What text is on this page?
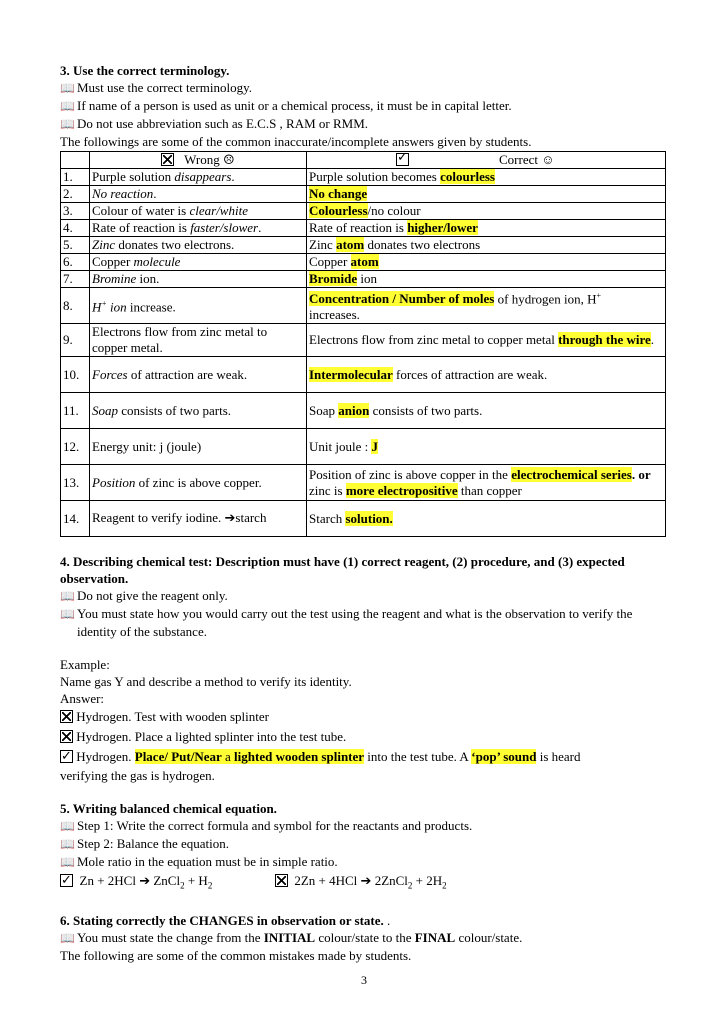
3. Use the correct terminology.
📖 Must use the correct terminology.
📖 If name of a person is used as unit or a chemical process, it must be in capital letter.
📖 Do not use abbreviation such as E.C.S , RAM or RMM.
The followings are some of the common inaccurate/incomplete answers given by students.
	Wrong ☹	✓Correct ☺
1.	Purple solution disappears.	Purple solution becomes colourless
2.	No reaction.	No change
3.	Colour of water is clear/white	Colourless/no colour
4.	Rate of reaction is faster/slower.	Rate of reaction is higher/lower
5.	Zinc donates two electrons.	Zinc atom donates two electrons
6.	Copper molecule	Copper atom
7.	Bromine ion.	Bromide ion
8.	H+ ion increase.	Concentration / Number of moles of hydrogen ion, H+
increases.
9.	Electrons flow from zinc metal to copper metal.	Electrons flow from zinc metal to copper metal through the wire.
10.	Forces of attraction are weak.	Intermolecular forces of attraction are weak.
11.	Soap consists of two parts.	Soap anion consists of two parts.
12.	Energy unit: j (joule)	Unit joule : J
13.	Position of zinc is above copper.	Position of zinc is above copper in the electrochemical series. or zinc is more electropositive than copper
14.	Reagent to verify iodine. ➔starch	Starch solution.
4. Describing chemical test: Description must have (1) correct reagent, (2) procedure, and (3) expected observation.
📖 Do not give the reagent only.
📖 You must state how you would carry out the test using the reagent and what is the observation to verify the identity of the substance.
Example:
Name gas Y and describe a method to verify its identity.
Answer:
Hydrogen. Test with wooden splinter
Hydrogen. Place a lighted splinter into the test tube.
✓ Hydrogen. Place/ Put/Near a lighted wooden splinter into the test tube. A ‘pop’ sound is heard
verifying the gas is hydrogen.
5. Writing balanced chemical equation.
📖 Step 1: Write the correct formula and symbol for the reactants and products.
📖 Step 2: Balance the equation.
📖 Mole ratio in the equation must be in simple ratio.
✓  Zn + 2HCl ➔ ZnCl$_2$ + $H_2$	2Zn + 4HCl ➔ 2ZnCl$_2$ + $2H_2$
6. Stating correctly the CHANGES in observation or state. .
📖 You must state the change from the INITIAL colour/state to the FINAL colour/state.
The following are some of the common mistakes made by students.
3
